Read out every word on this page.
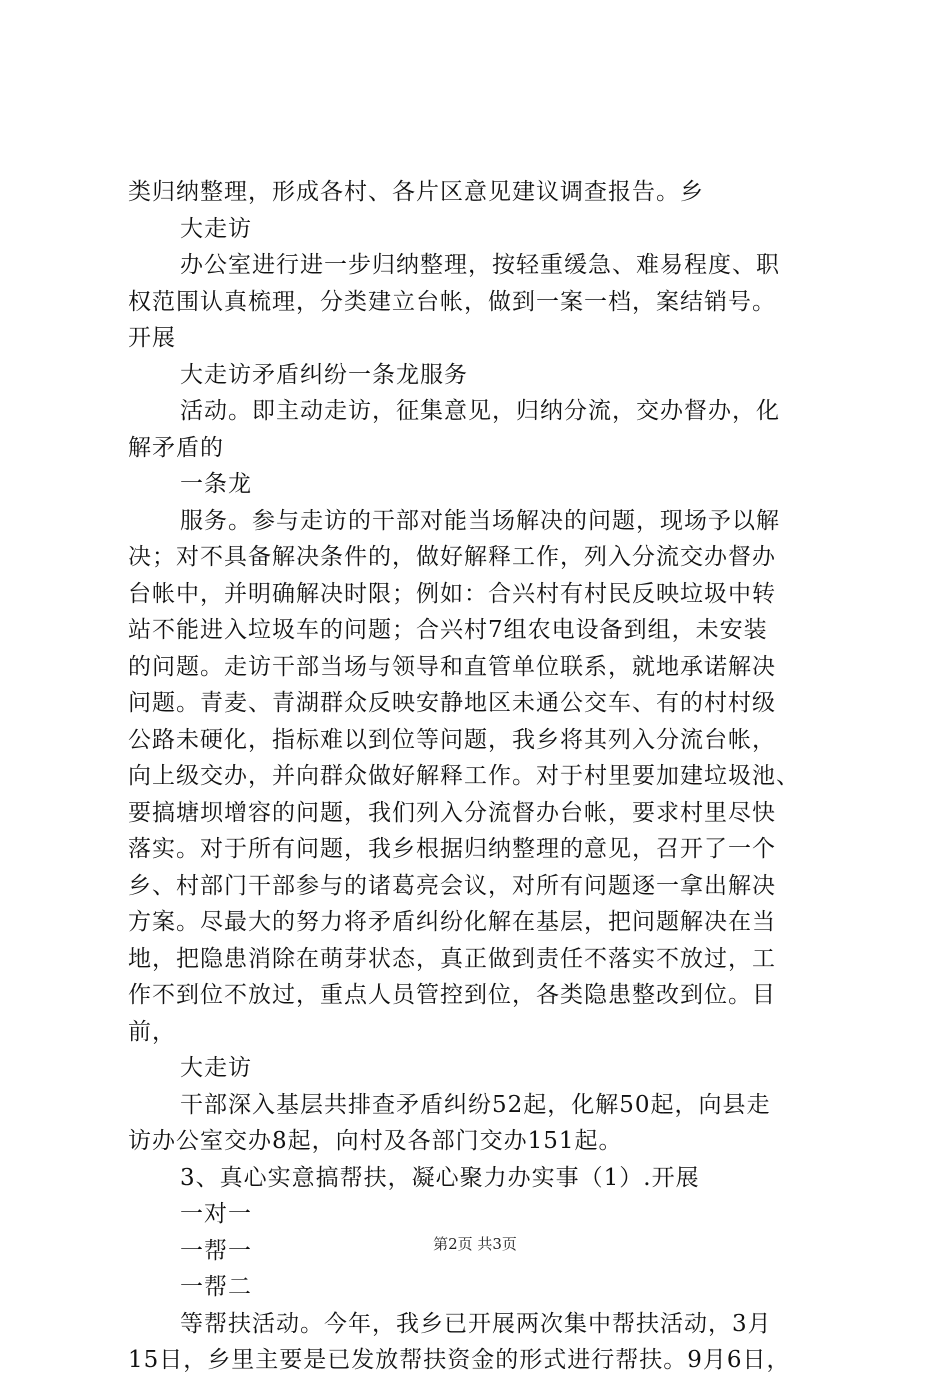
类归纳整理，形成各村、各片区意见建议调查报告。乡
大走访
办公室进行进一步归纳整理，按轻重缓急、难易程度、职
权范围认真梳理，分类建立台帐，做到一案一档，案结销号。
开展
大走访矛盾纠纷一条龙服务
活动。即主动走访，征集意见，归纳分流，交办督办，化
解矛盾的
一条龙
服务。参与走访的干部对能当场解决的问题，现场予以解
决；对不具备解决条件的，做好解释工作，列入分流交办督办
台帐中，并明确解决时限；例如：合兴村有村民反映垃圾中转
站不能进入垃圾车的问题；合兴村7组农电设备到组，未安装
的问题。走访干部当场与领导和直管单位联系，就地承诺解决
问题。青麦、青湖群众反映安静地区未通公交车、有的村村级
公路未硬化，指标难以到位等问题，我乡将其列入分流台帐，
向上级交办，并向群众做好解释工作。对于村里要加建垃圾池、
要搞塘坝增容的问题，我们列入分流督办台帐，要求村里尽快
落实。对于所有问题，我乡根据归纳整理的意见，召开了一个
乡、村部门干部参与的诸葛亮会议，对所有问题逐一拿出解决
方案。尽最大的努力将矛盾纠纷化解在基层，把问题解决在当
地，把隐患消除在萌芽状态，真正做到责任不落实不放过，工
作不到位不放过，重点人员管控到位，各类隐患整改到位。目
前，
大走访
干部深入基层共排查矛盾纠纷52起，化解50起，向县走
访办公室交办8起，向村及各部门交办151起。
3、真心实意搞帮扶，凝心聚力办实事（1）.开展
一对一
一帮一
一帮二
等帮扶活动。今年，我乡已开展两次集中帮扶活动，3月
15日，乡里主要是已发放帮扶资金的形式进行帮扶。9月6日，
第2页 共3页
